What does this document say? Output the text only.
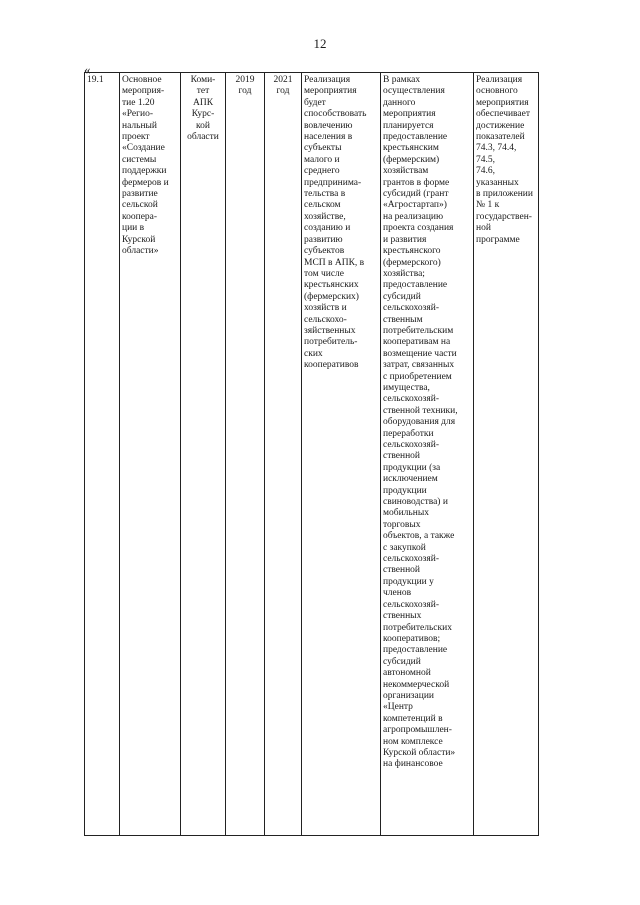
12
«
19.1	Основное
мероприя-
тие 1.20
«Регио-
нальный
проект
«Создание
системы
поддержки
фермеров и
развитие
сельской
коопера-
ции в
Курской
области»

Коми-
тет
АПК
Курс-
кой
области

2019
год

2021
год

Реализация
мероприятия
будет
способствовать
вовлечению
населения в
субъекты
малого и
среднего
предпринима-
тельства в
сельском
хозяйстве,
созданию и
развитию
субъектов
МСП в АПК, в
том числе
крестьянских
(фермерских)
хозяйств и
сельскохо-
зяйственных
потребитель-
ских
кооперативов

В рамках
осуществления
данного
мероприятия
планируется
предоставление
крестьянским
(фермерским)
хозяйствам
грантов в форме
субсидий (грант
«Агростартап»)
на реализацию
проекта создания
и развития
крестьянского
(фермерского)
хозяйства;
предоставление
субсидий
сельскохозяй-
ственным
потребительским
кооперативам на
возмещение части
затрат, связанных
с приобретением
имущества,
сельскохозяй-
ственной техники,
оборудования для
переработки
сельскохозяй-
ственной
продукции (за
исключением
продукции
свиноводства) и
мобильных
торговых
объектов, а также
с закупкой
сельскохозяй-
ственной
продукции у
членов
сельскохозяй-
ственных
потребительских
кооперативов;
предоставление
субсидий
автономной
некоммерческой
организации
«Центр
компетенций в
агропромышлен-
ном комплексе
Курской области»
на финансовое

Реализация
основного
мероприятия
обеспечивает
достижение
показателей
74.3, 74.4, 74.5,
74.6, указанных
в приложении
№ 1 к
государствен-
ной программе
